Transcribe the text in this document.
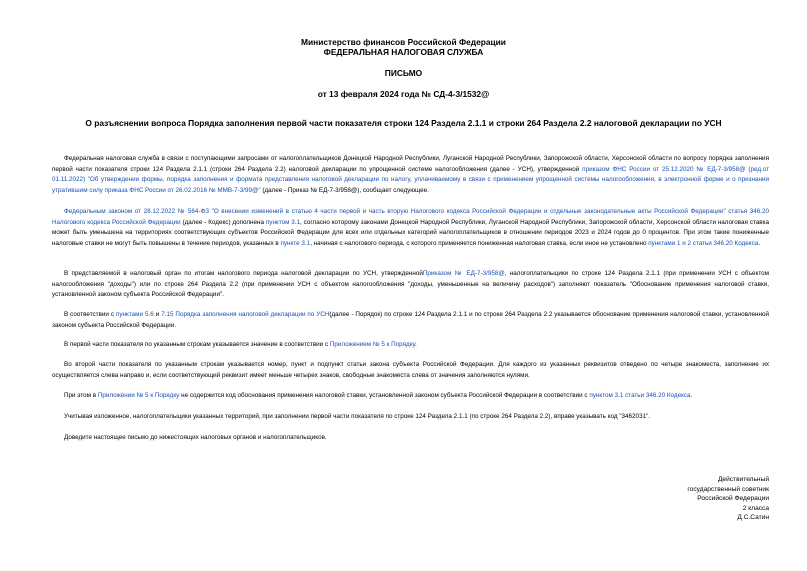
Министерство финансов Российской Федерации
ФЕДЕРАЛЬНАЯ НАЛОГОВАЯ СЛУЖБА
ПИСЬМО
от 13 февраля 2024 года № СД-4-3/1532@
О разъяснении вопроса Порядка заполнения первой части показателя строки 124 Раздела 2.1.1 и строки 264 Раздела 2.2 налоговой декларации по УСН

Федеральная налоговая служба в связи с поступающими запросами от налогоплательщиков Донецкой Народной Республики, Луганской Народной Республики, Запорожской области, Херсонской области по вопросу порядка заполнения первой части показателя строки 124 Раздела 2.1.1 (строки 264 Раздела 2.2) налоговой декларации по упрощенной системе налогообложения (далее - УСН), утвержденной приказом ФНС России от 25.12.2020 № ЕД-7-3/958@ (ред.от 01.11.2022) "Об утверждении формы, порядка заполнения и формата представления налоговой декларации по налогу, уплачиваемому в связи с применением упрощенной системы налогообложения, в электронной форме и о признании утратившим силу приказа ФНС России от 26.02.2016 № ММВ-7-3/99@" (далее - Приказ № ЕД-7-3/958@), сообщает следующее.

Федеральным законом от 28.12.2022 № 564-ФЗ "О внесении изменений в статью 4 части первой и часть вторую Налогового кодекса Российской Федерации и отдельные законодательные акты Российской Федерации" статья 346.20 Налогового кодекса Российской Федерации (далее - Кодекс) дополнена пунктом 3.1, согласно которому законами Донецкой Народной Республики, Луганской Народной Республики, Запорожской области, Херсонской области налоговая ставка может быть уменьшена на территориях соответствующих субъектов Российской Федерации для всех или отдельных категорий налогоплательщиков в отношении периодов 2023 и 2024 годов до 0 процентов. При этом такие пониженные налоговые ставки не могут быть повышены в течение периодов, указанных в пункте 3.1, начиная с налогового периода, с которого применяется пониженная налоговая ставка, если иное не установлено пунктами 1 и 2 статьи 346.20 Кодекса.

В представляемой в налоговый орган по итогам налогового периода налоговой декларации по УСН, утвержденнойПриказом № ЕД-7-3/958@, налогоплательщики по строке 124 Раздела 2.1.1 (при применении УСН с объектом налогообложения "доходы") или по строке 264 Раздела 2.2 (при применении УСН с объектом налогообложения "доходы, уменьшенные на величину расходов") заполняют показатель "Обоснование применения налоговой ставки, установленной законом субъекта Российской Федерации".

В соответствии с пунктами 5.6 и 7.15 Порядка заполнения налоговой декларации по УСН(далее - Порядок) по строке 124 Раздела 2.1.1 и по строке 264 Раздела 2.2 указывается обоснование применения налоговой ставки, установленной законом субъекта Российской Федерации.

В первой части показателя по указанным строкам указывается значение в соответствии с Приложением № 5 к Порядку.

Во второй части показателя по указанным строкам указывается номер, пункт и подпункт статьи закона субъекта Российской Федерации. Для каждого из указанных реквизитов отведено по четыре знакоместа, заполнение их осуществляется слева направо и, если соответствующий реквизит имеет меньше четырех знаков, свободные знакоместа слева от значения заполняются нулями.

При этом в Приложении № 5 к Порядку не содержится код обоснования применения налоговой ставки, установленной законом субъекта Российской Федерации в соответствии с пунктом 3.1 статьи 346.20 Кодекса.

Учитывая изложенное, налогоплательщики указанных территорий, при заполнении первой части показателя по строке 124 Раздела 2.1.1 (по строке 264 Раздела 2.2), вправе указывать код "3462031".

Доведите настоящее письмо до нижестоящих налоговых органов и налогоплательщиков.

Действительный
государственный советник
Российской Федерации
2 класса
Д.С.Сатин
